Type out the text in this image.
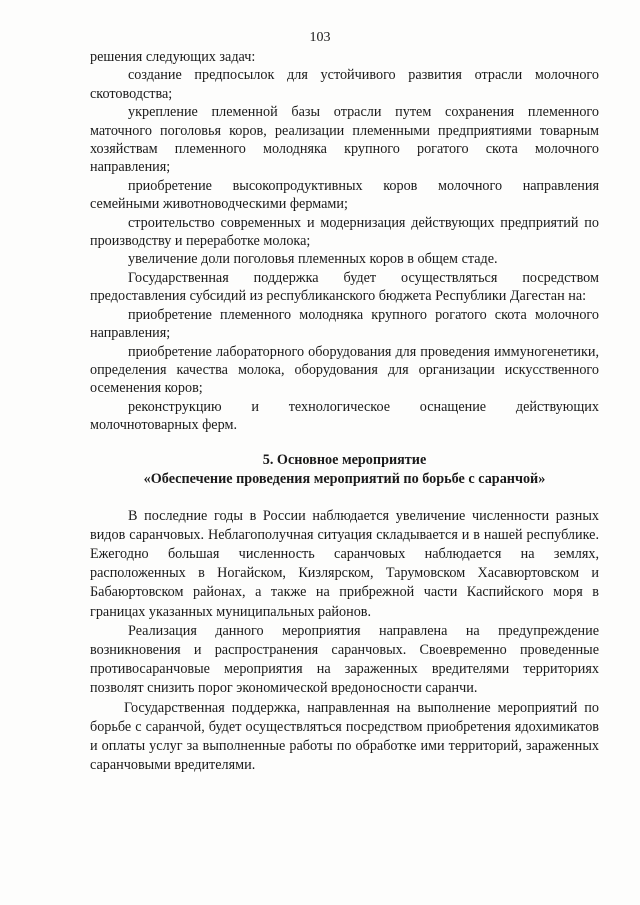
103

решения следующих задач:

создание предпосылок для устойчивого развития отрасли молочного скотоводства;

укрепление племенной базы отрасли путем сохранения племенного маточного поголовья коров, реализации племенными предприятиями товарным хозяйствам племенного молодняка крупного рогатого скота молочного направления;

приобретение высокопродуктивных коров молочного направления семейными животноводческими фермами;

строительство современных и модернизация действующих предприятий по производству и переработке молока;

увеличение доли поголовья племенных коров в общем стаде.

Государственная поддержка будет осуществляться посредством предоставления субсидий из республиканского бюджета Республики Дагестан на:

приобретение племенного молодняка крупного рогатого скота молочного направления;

приобретение лабораторного оборудования для проведения иммуногенетики, определения качества молока, оборудования для организации искусственного осеменения коров;

реконструкцию и технологическое оснащение действующих молочнотоварных ферм.

5. Основное мероприятие
«Обеспечение проведения мероприятий по борьбе с саранчой»

В последние годы в России наблюдается увеличение численности разных видов саранчовых. Неблагополучная ситуация складывается и в нашей республике. Ежегодно большая численность саранчовых наблюдается на землях, расположенных в Ногайском, Кизлярском, Тарумовском Хасавюртовском и Бабаюртовском районах, а также на прибрежной части Каспийского моря в границах указанных муниципальных районов.

Реализация данного мероприятия направлена на предупреждение возникновения и распространения саранчовых. Своевременно проведенные противосаранчовые мероприятия на зараженных вредителями территориях позволят снизить порог экономической вредоносности саранчи.

Государственная поддержка, направленная на выполнение мероприятий по борьбе с саранчой, будет осуществляться посредством приобретения ядохимикатов и оплаты услуг за выполненные работы по обработке ими территорий, зараженных саранчовыми вредителями.
